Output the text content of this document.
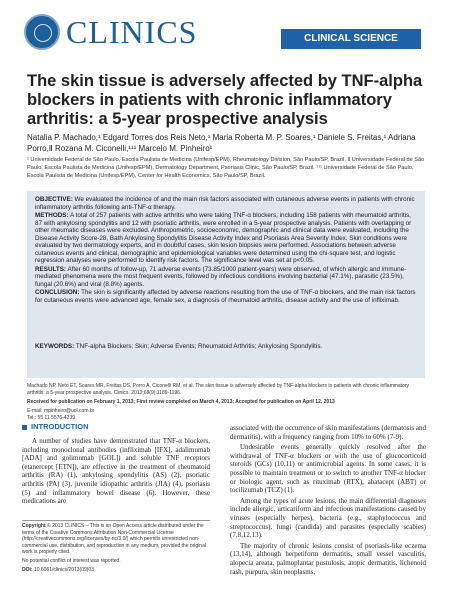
CLINICS	CLINICAL SCIENCE
The skin tissue is adversely affected by TNF-alpha blockers in patients with chronic inflammatory arthritis: a 5-year prospective analysis
Natalia P. Machado,¹ Edgard Torres dos Reis Neto,¹ Maria Roberta M. P. Soares,¹ Daniele S. Freitas,¹ Adriana Porro,Ⅱ Rozana M. Ciconelli,¹¹¹ Marcelo M. Pinheiro¹
¹ Universidade Federal de São Paulo, Escola Paulista de Medicina (Unifesp/EPM), Rheumatology Division, São Paulo/SP, Brazil. Ⅱ Universidade Federal de São Paulo, Escola Paulista de Medicina (Unifesp/EPM), Dermatology Department, Psoriasis Clinic, São Paulo/SP, Brazil. ¹¹¹ Universidade Federal de São Paulo, Escola Paulista de Medicina (Unifesp/EPM), Center for Health Economics, São Paulo/SP, Brazil.

OBJECTIVE: We evaluated the incidence of and the main risk factors associated with cutaneous adverse events in patients with chronic inflammatory arthritis following anti-TNF-α therapy.

METHODS: A total of 257 patients with active arthritis who were taking TNF-α blockers, including 158 patients with rheumatoid arthritis, 87 with ankylosing spondylitis and 12 with psoriatic arthritis, were enrolled in a 5-year prospective analysis. Patients with overlapping or other rheumatic diseases were excluded. Anthropometric, socioeconomic, demographic and clinical data were evaluated, including the Disease Activity Score-28, Bath Ankylosing Spondylitis Disease Activity Index and Psoriasis Area Severity Index. Skin conditions were evaluated by two dermatology experts, and in doubtful cases, skin lesion biopsies were performed. Associations between adverse cutaneous events and clinical, demographic and epidemiological variables were determined using the chi-square test, and logistic regression analyses were performed to identify risk factors. The significance level was set at p<0.05.

RESULTS: After 60 months of follow-up, 71 adverse events (73.85/1000 patient-years) were observed, of which allergic and immune-mediated phenomena were the most frequent events, followed by infectious conditions involving bacterial (47.1%), parasitic (23.5%), fungal (20.6%) and viral (8.8%) agents.

CONCLUSION: The skin is significantly affected by adverse reactions resulting from the use of TNF-α blockers, and the main risk factors for cutaneous events were advanced age, female sex, a diagnosis of rheumatoid arthritis, disease activity and the use of infliximab.

KEYWORDS: TNF-alpha Blockers; Skin; Adverse Events; Rheumatoid Arthritis; Ankylosing Spondylitis.

Machado NP, Neto ET, Soares MR, Freitas DS, Porro A, Ciconelli RM, et al. The skin tissue is adversely affected by TNF-alpha blockers in patients with chronic inflammatory arthritis: a 5-year prospective analysis. Clinics. 2013;68(9):1189-1196.

Received for publication on February 1, 2013; First review completed on March 4, 2013; Accepted for publication on April 12, 2013

E-mail: mpinheiro@uol.com.br

Tel.: 55 11 5576-4239

INTRODUCTION

A number of studies have demonstrated that TNF-α blockers, including monoclonal antibodies (infliximab [IFX], adalimumab [ADA] and golimumab [GOL]) and soluble TNF receptors (etanercept [ETN]), are effective in the treatment of rheumatoid arthritis (RA) (1), ankylosing spondylitis (AS) (2), psoriatic arthritis (PA) (3), juvenile idiopathic arthritis (JIA) (4), psoriasis (5) and inflammatory bowel disease (6). However, these medications are

associated with the occurrence of skin manifestations (dermatosis and dermatitis), with a frequency ranging from 10% to 60% (7-9).

Undesirable events generally quickly resolved after the withdrawal of TNF-α blockers or with the use of glucocorticoid steroids (GCs) (10,11) or antimicrobial agents. In some cases, it is possible to maintain treatment or to switch to another TNF-α blocker or biologic agent, such as rituximab (RTX), abatacept (ABT) or tocilizumab (TCZ) (1).

Among the types of acute lesions, the main differential diagnoses include allergic, urticariform and infectious manifestations caused by viruses (especially herpes), bacteria (e.g., staphylococcus and streptococcus), fungi (candida) and parasites (especially scabies) (7,8,12,13).

The majority of chronic lesions consist of psoriasis-like eczema (13,14), although herpetiform dermatitis, small vessel vasculitis, alopecia areata, palmoplantar pustulosis, atopic dermatitis, lichenoid rash, purpura, skin neoplasms,

Copyright © 2013 CLINICS – This is an Open Access article distributed under the terms of the Creative Commons Attribution Non-Commercial License (http://creativecommons.org/licenses/by-nc/3.0/) which permits unrestricted non-commercial use, distribution, and reproduction in any medium, provided the original work is properly cited.

No potential conflict of interest was reported.

DOI: 10.6061/clinics/2013(09)03
